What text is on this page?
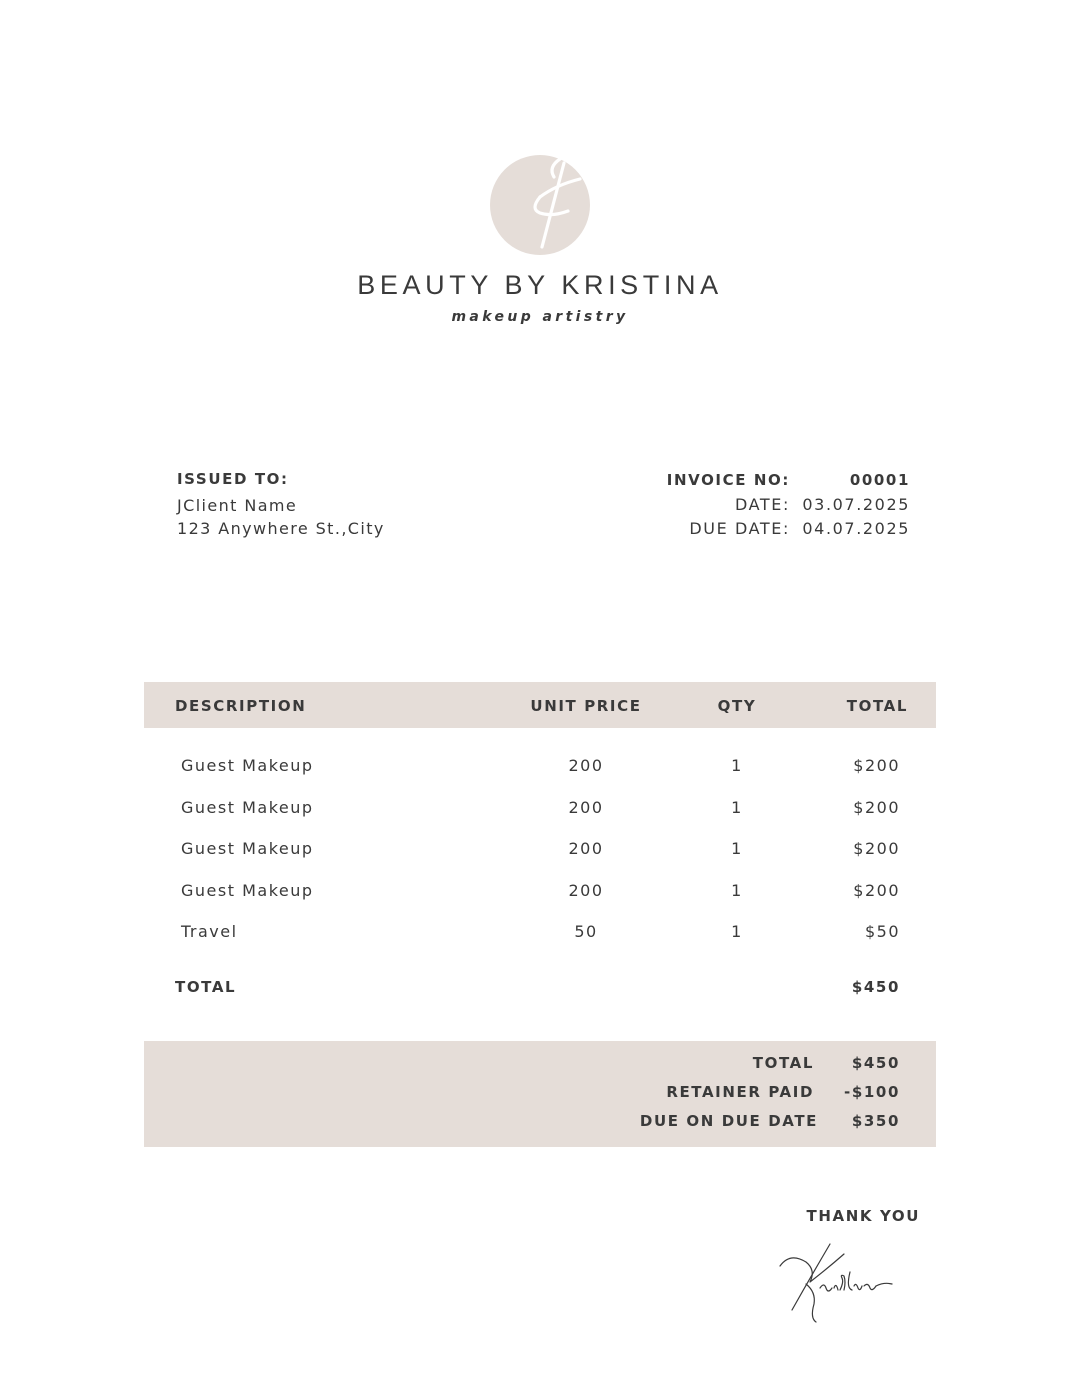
BEAUTY BY KRISTINA
makeup artistry
ISSUED TO:
JClient Name
123 Anywhere St.,City
INVOICE NO:	00001
DATE: 03.07.2025
DUE DATE: 04.07.2025
DESCRIPTION	UNIT PRICE	QTY	TOTAL
Guest Makeup	200	1	$200
Guest Makeup	200	1	$200
Guest Makeup	200	1	$200
Guest Makeup	200	1	$200
Travel	50	1	$50
TOTAL	$450
TOTAL	$450
RETAINER PAID -$100
DUE ON DUE DATE $350
THANK YOU
